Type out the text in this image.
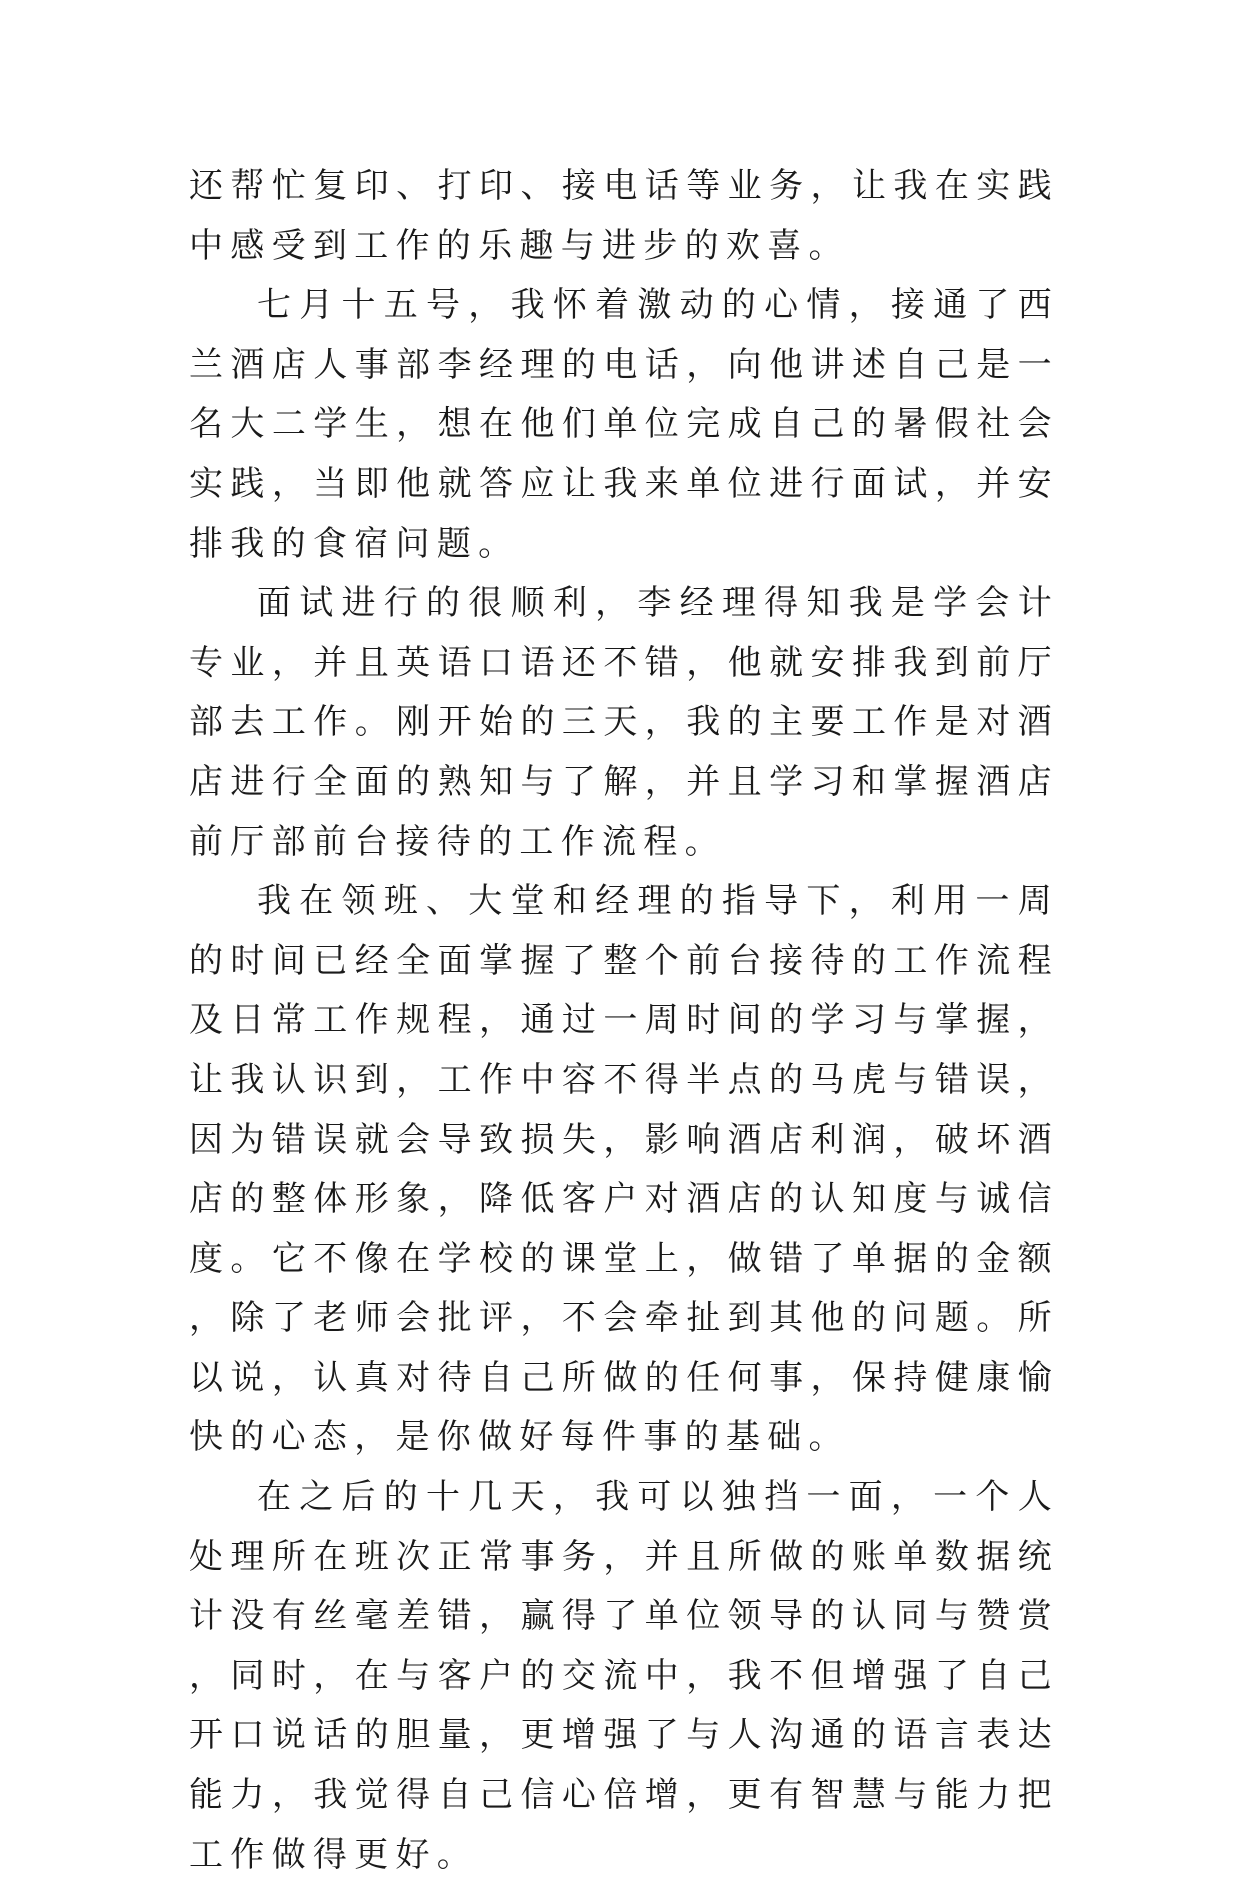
还帮忙复印、打印、接电话等业务，让我在实践中感受到工作的乐趣与进步的欢喜。

七月十五号，我怀着激动的心情，接通了西兰酒店人事部李经理的电话，向他讲述自己是一名大二学生，想在他们单位完成自己的暑假社会实践，当即他就答应让我来单位进行面试，并安排我的食宿问题。

面试进行的很顺利，李经理得知我是学会计专业，并且英语口语还不错，他就安排我到前厅部去工作。刚开始的三天，我的主要工作是对酒店进行全面的熟知与了解，并且学习和掌握酒店前厅部前台接待的工作流程。

我在领班、大堂和经理的指导下，利用一周的时间已经全面掌握了整个前台接待的工作流程及日常工作规程，通过一周时间的学习与掌握，让我认识到，工作中容不得半点的马虎与错误，因为错误就会导致损失，影响酒店利润，破坏酒店的整体形象，降低客户对酒店的认知度与诚信度。它不像在学校的课堂上，做错了单据的金额，除了老师会批评，不会牵扯到其他的问题。所以说，认真对待自己所做的任何事，保持健康愉快的心态，是你做好每件事的基础。

在之后的十几天，我可以独挡一面，一个人处理所在班次正常事务，并且所做的账单数据统计没有丝毫差错，赢得了单位领导的认同与赞赏，同时，在与客户的交流中，我不但增强了自己开口说话的胆量，更增强了与人沟通的语言表达能力，我觉得自己信心倍增，更有智慧与能力把工作做得更好。
